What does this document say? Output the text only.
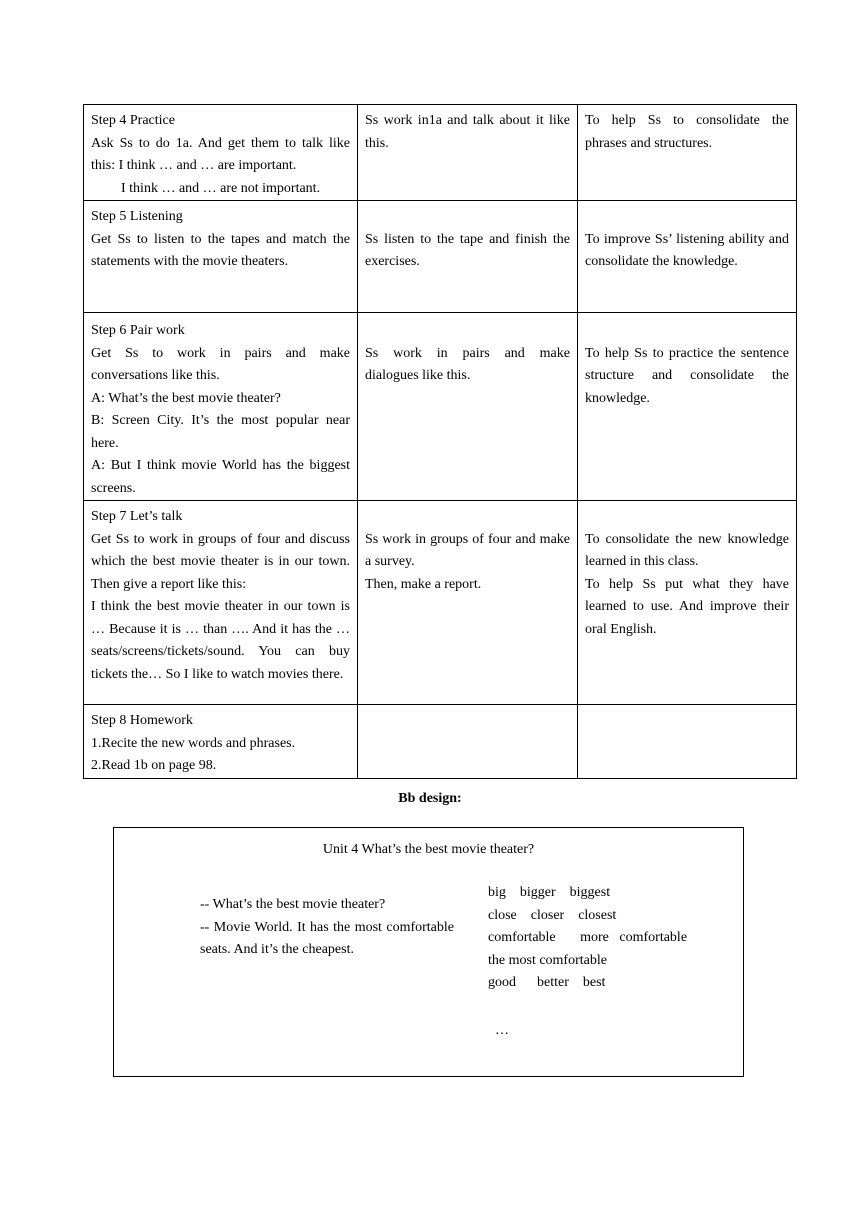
Step 4 Practice
Ask Ss to do 1a. And get them to talk like this: I think … and … are important.
I think … and … are not important.	Ss work in1a and talk about it like this.	To help Ss to consolidate the phrases and structures.

Step 5 Listening
Get Ss to listen to the tapes and match the statements with the movie theaters.	Ss listen to the tape and finish the exercises.	To improve Ss’ listening ability and consolidate the knowledge.

Step 6 Pair work
Get Ss to work in pairs and make conversations like this.
A: What’s the best movie theater?
B: Screen City. It’s the most popular near here.
A: But I think movie World has the biggest screens.	Ss work in pairs and make dialogues like this.	To help Ss to practice the sentence structure and consolidate the knowledge.

Step 7 Let’s talk
Get Ss to work in groups of four and discuss which the best movie theater is in our town. Then give a report like this:
I think the best movie theater in our town is … Because it is … than …. And it has the … seats/screens/tickets/sound. You can buy tickets the… So I like to watch movies there.	Ss work in groups of four and make a survey.
Then, make a report.	To consolidate the new knowledge learned in this class.
To help Ss put what they have learned to use. And improve their oral English.

Step 8 Homework
1.Recite the new words and phrases.
2.Read 1b on page 98.		

Bb design:
Unit 4 What’s the best movie theater?
-- What’s the best movie theater?
-- Movie World. It has the most comfortable seats. And it’s the cheapest.
big    bigger    biggest
close    closer    closest
comfortable       more   comfortable
the most comfortable
good      better    best
…
